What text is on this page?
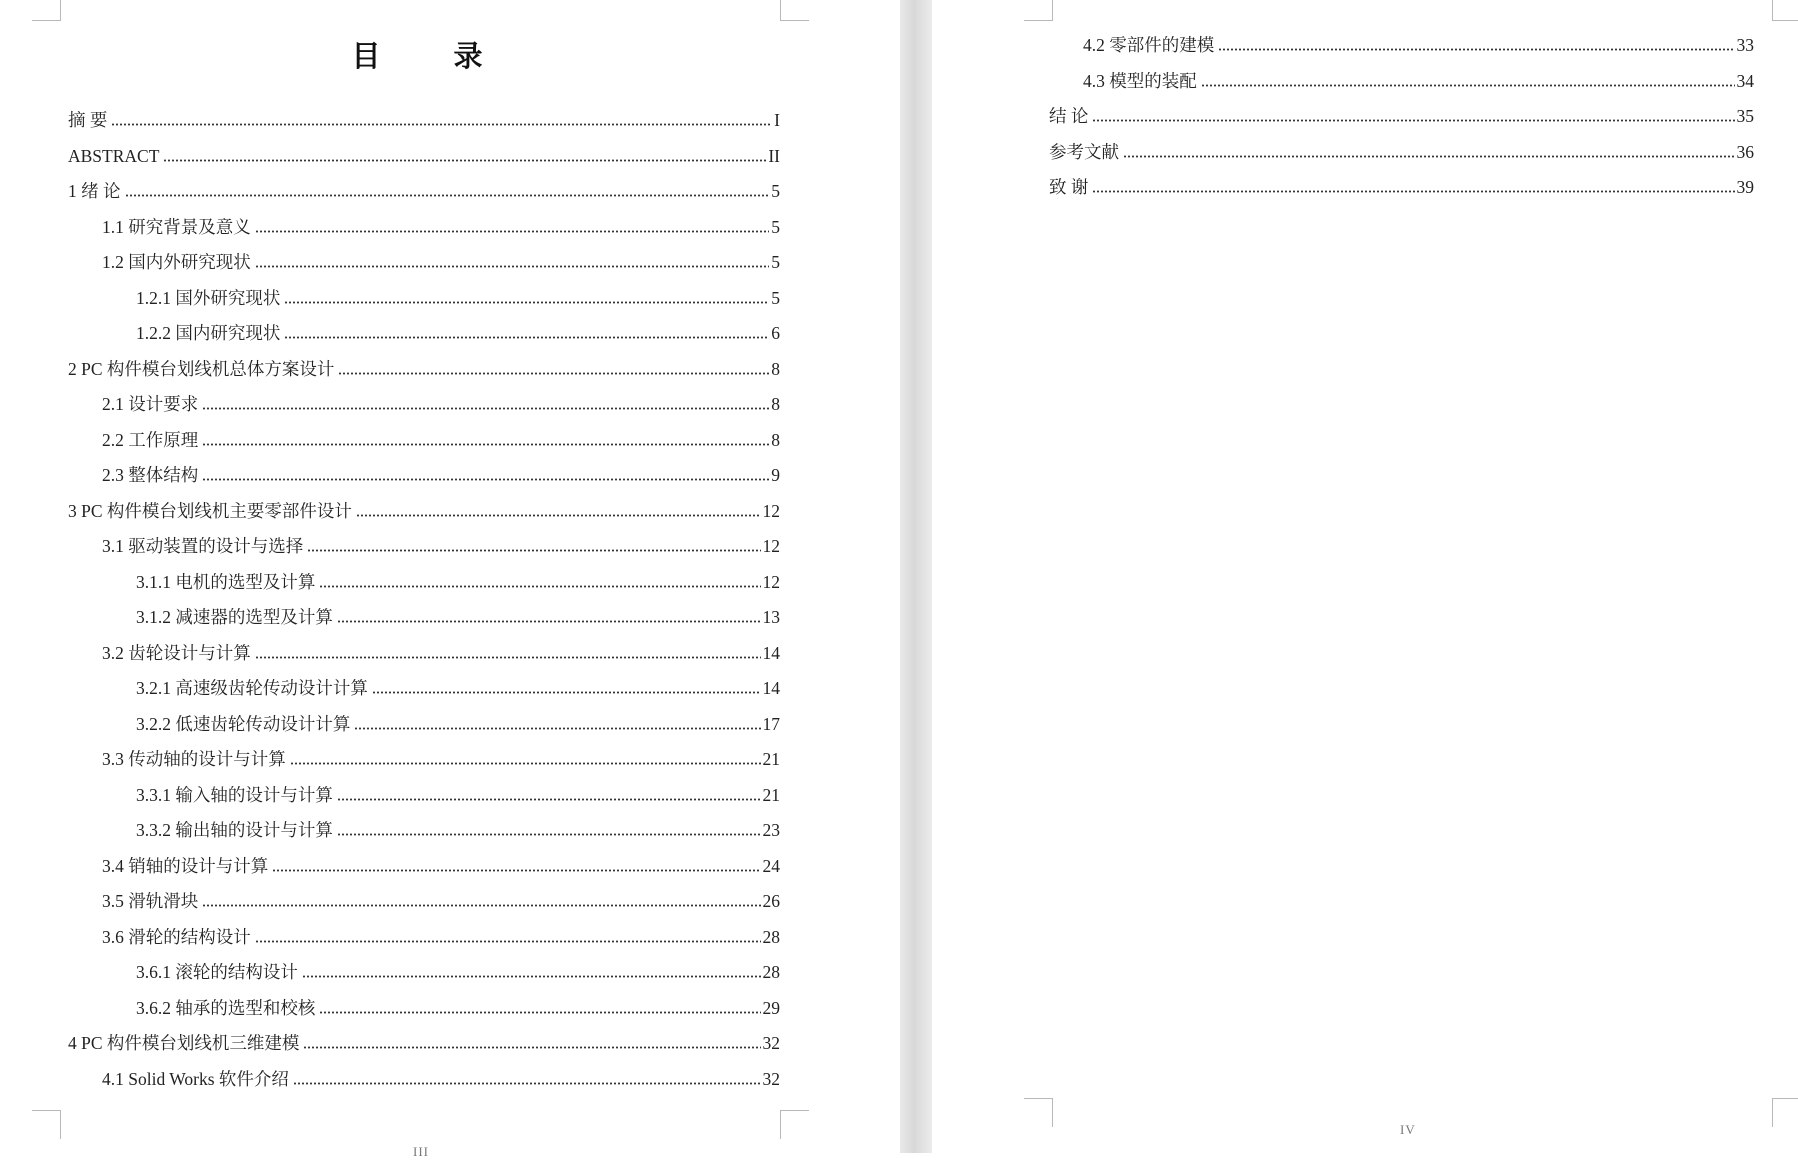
目　录
摘 要	I
ABSTRACT	II
1 绪 论	5
1.1 研究背景及意义	5
1.2 国内外研究现状	5
1.2.1 国外研究现状	5
1.2.2 国内研究现状	6
2 PC 构件模台划线机总体方案设计	8
2.1 设计要求	8
2.2 工作原理	8
2.3 整体结构	9
3 PC 构件模台划线机主要零部件设计	12
3.1 驱动装置的设计与选择	12
3.1.1 电机的选型及计算	12
3.1.2 减速器的选型及计算	13
3.2 齿轮设计与计算	14
3.2.1 高速级齿轮传动设计计算	14
3.2.2 低速齿轮传动设计计算	17
3.3 传动轴的设计与计算	21
3.3.1 输入轴的设计与计算	21
3.3.2 输出轴的设计与计算	23
3.4 销轴的设计与计算	24
3.5 滑轨滑块	26
3.6 滑轮的结构设计	28
3.6.1 滚轮的结构设计	28
3.6.2 轴承的选型和校核	29
4 PC 构件模台划线机三维建模	32
4.1 Solid Works 软件介绍	32
III
4.2 零部件的建模	33
4.3 模型的装配	34
结 论	35
参考文献	36
致 谢	39
IV
